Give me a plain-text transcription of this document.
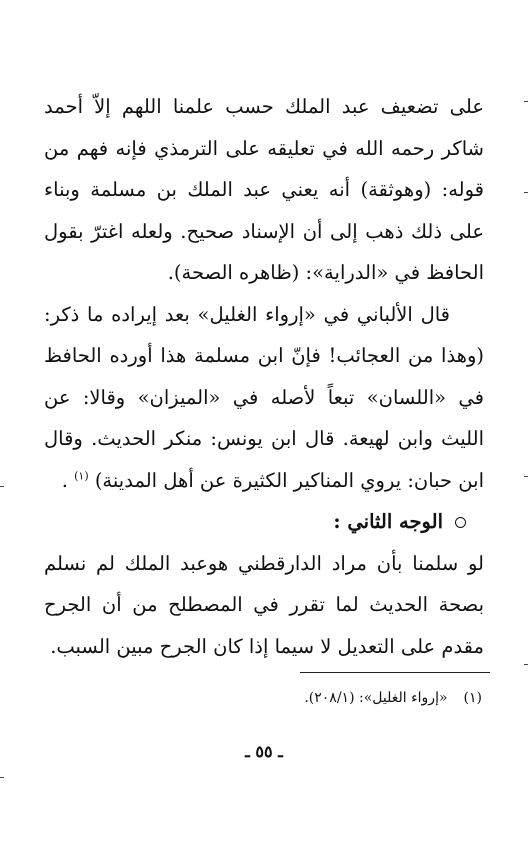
على تضعيف عبد الملك حسب علمنا اللهم إلاّ أحمد شاكر رحمه الله في تعليقه على الترمذي فإنه فهم من قوله: (وهوثقة) أنه يعني عبد الملك بن مسلمة وبناء على ذلك ذهب إلى أن الإسناد صحيح. ولعله اغترّ بقول الحافظ في «الدراية»: (ظاهره الصحة).

قال الألباني في «إرواء الغليل» بعد إيراده ما ذكر: (وهذا من العجائب! فإنّ ابن مسلمة هذا أورده الحافظ في «اللسان» تبعاً لأصله في «الميزان» وقالا: عن الليث وابن لهيعة. قال ابن يونس: منكر الحديث. وقال ابن حبان: يروي المناكير الكثيرة عن أهل المدينة) $^{(١)}$ .

الوجه الثاني :

لو سلمنا بأن مراد الدارقطني هوعبد الملك لم نسلم بصحة الحديث لما تقرر في المصطلح من أن الجرح مقدم على التعديل لا سيما إذا كان الجرح مبين السبب.

(١)«إرواء الغليل»: (٢٠٨/١).
ـ ٥٥ ـ
